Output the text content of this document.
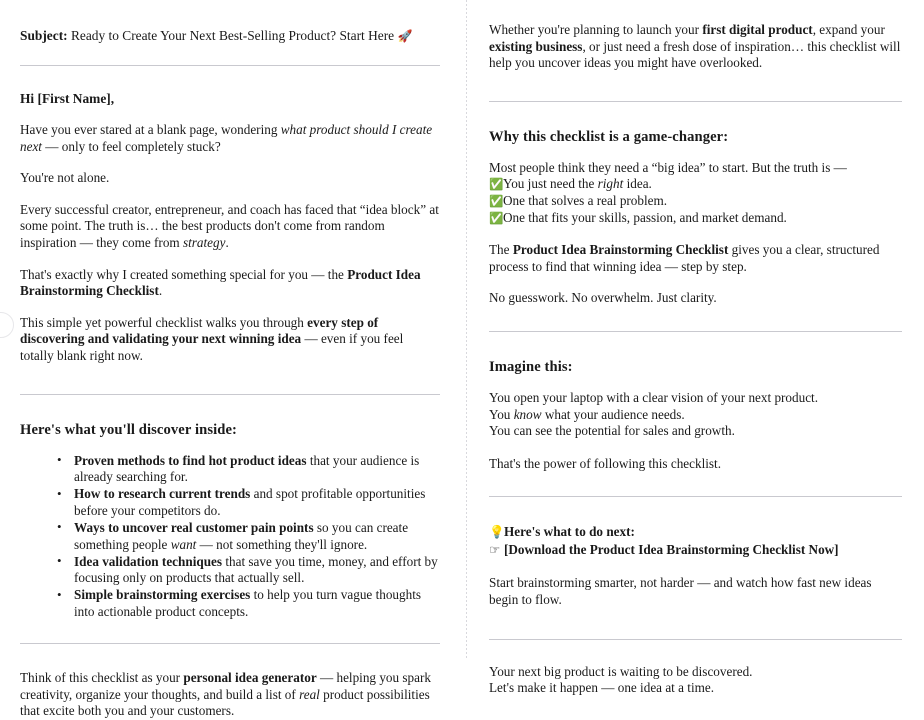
Subject: Ready to Create Your Next Best-Selling Product? Start Here 🚀

Hi [First Name],

Have you ever stared at a blank page, wondering what product should I create next — only to feel completely stuck?

You're not alone.

Every successful creator, entrepreneur, and coach has faced that “idea block” at some point. The truth is… the best products don't come from random inspiration — they come from strategy.

That's exactly why I created something special for you — the Product Idea Brainstorming Checklist.

This simple yet powerful checklist walks you through every step of discovering and validating your next winning idea — even if you feel totally blank right now.

Here's what you'll discover inside:
• Proven methods to find hot product ideas that your audience is already searching for.
• How to research current trends and spot profitable opportunities before your competitors do.
• Ways to uncover real customer pain points so you can create something people want — not something they'll ignore.
• Idea validation techniques that save you time, money, and effort by focusing only on products that actually sell.
• Simple brainstorming exercises to help you turn vague thoughts into actionable product concepts.

Think of this checklist as your personal idea generator — helping you spark creativity, organize your thoughts, and build a list of real product possibilities that excite both you and your customers.

Whether you're planning to launch your first digital product, expand your existing business, or just need a fresh dose of inspiration… this checklist will help you uncover ideas you might have overlooked.

Why this checklist is a game-changer:
Most people think they need a “big idea” to start. But the truth is —
✅You just need the right idea.
✅One that solves a real problem.
✅One that fits your skills, passion, and market demand.

The Product Idea Brainstorming Checklist gives you a clear, structured process to find that winning idea — step by step.

No guesswork. No overwhelm. Just clarity.

Imagine this:
You open your laptop with a clear vision of your next product.
You know what your audience needs.
You can see the potential for sales and growth.

That's the power of following this checklist.

💡Here's what to do next: ☞ [Download the Product Idea Brainstorming Checklist Now]

Start brainstorming smarter, not harder — and watch how fast new ideas begin to flow.

Your next big product is waiting to be discovered.
Let's make it happen — one idea at a time.
